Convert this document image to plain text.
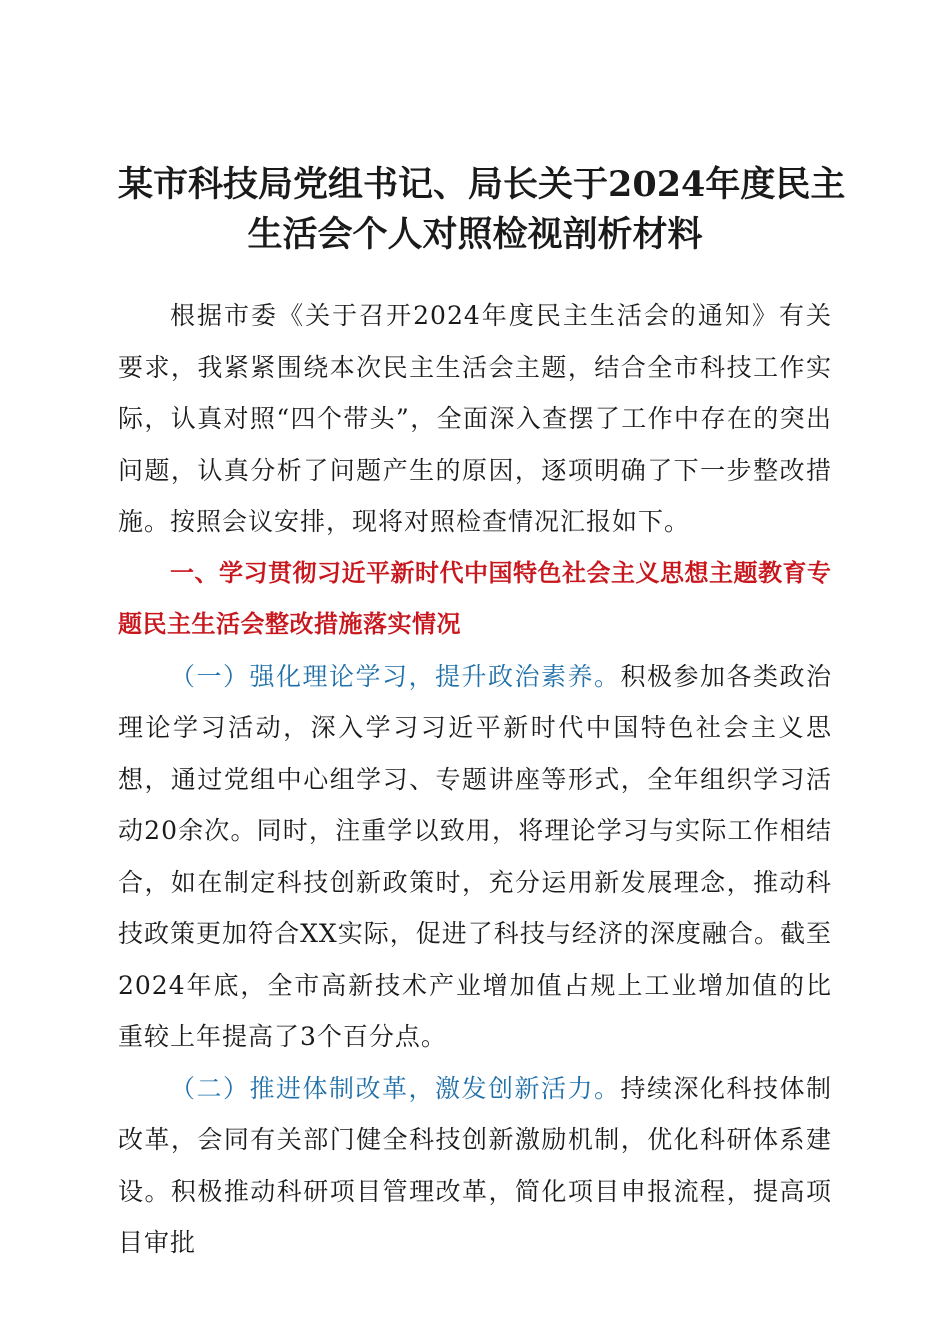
某市科技局党组书记、局长关于2024年度民主
生活会个人对照检视剖析材料

根据市委《关于召开2024年度民主生活会的通知》有关要求，我紧紧围绕本次民主生活会主题，结合全市科技工作实际，认真对照“四个带头”，全面深入查摆了工作中存在的突出问题，认真分析了问题产生的原因，逐项明确了下一步整改措施。按照会议安排，现将对照检查情况汇报如下。

一、学习贯彻习近平新时代中国特色社会主义思想主题教育专题民主生活会整改措施落实情况

（一）强化理论学习，提升政治素养。积极参加各类政治理论学习活动，深入学习习近平新时代中国特色社会主义思想，通过党组中心组学习、专题讲座等形式，全年组织学习活动20余次。同时，注重学以致用，将理论学习与实际工作相结合，如在制定科技创新政策时，充分运用新发展理念，推动科技政策更加符合XX实际，促进了科技与经济的深度融合。截至2024年底，全市高新技术产业增加值占规上工业增加值的比重较上年提高了3个百分点。

（二）推进体制改革，激发创新活力。持续深化科技体制改革，会同有关部门健全科技创新激励机制，优化科研体系建设。积极推动科研项目管理改革，简化项目申报流程，提高项目审批
